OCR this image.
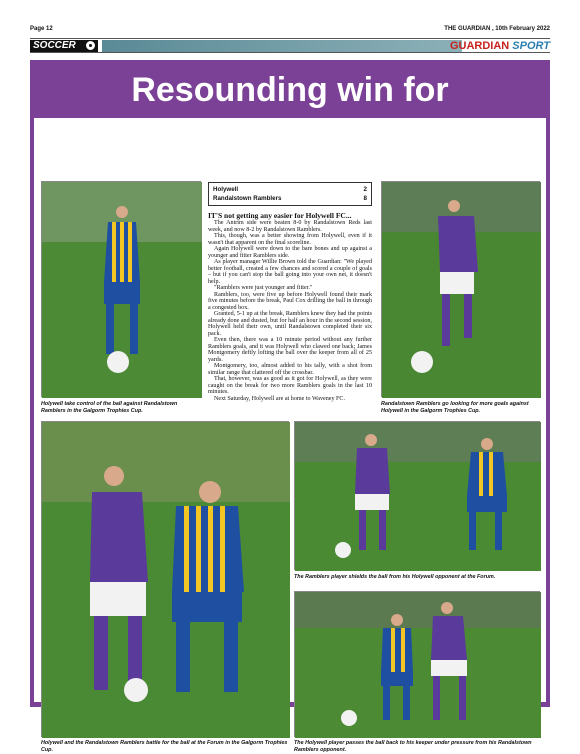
Page 12	THE GUARDIAN , 10th February 2022
SOCCER	GUARDIAN SPORT
Resounding win for
Holywell take control of the ball against Randalstown Ramblers in the Galgorm Trophies Cup.
Holywell	2
Randalstown Ramblers	8

IT'S not getting any easier for Holywell FC...

The Antrim side were beaten 8-0 by Randalstown Reds last week, and now 8-2 by Randalstown Ramblers.

This, though, was a better showing from Holywell, even if it wasn't that apparent on the final scoreline.

Again Holywell were down to the bare bones and up against a younger and fitter Ramblers side.

As player manager Willie Brown told the Guardian: "We played better football, created a few chances and scored a couple of goals – but if you can't stop the ball going into your own net, it doesn't help.

"Ramblers were just younger and fitter."

Ramblers, too, were five up before Holywell found their mark five minutes before the break, Paul Cox drilling the ball in through a congested box.

Granted, 5-1 up at the break, Ramblers knew they had the points already done and dusted, but for half an hour in the second session, Holywell held their own, until Randalstown completed their six pack.

Even then, there was a 10 minute period without any further Ramblers goals, and it was Holywell who clawed one back; James Montgomery deftly lofting the ball over the keeper from all of 25 yards.

Montgomery, too, almost added to his tally, with a shot from similar range that clattered off the crossbar.

That, however, was as good as it got for Holywell, as they were caught on the break for two more Ramblers goals in the last 10 minutes.

Next Saturday, Holywell are at home to Waveney FC.

Randalstown Ramblers go looking for more goals against Holywell in the Galgorm Trophies Cup.
Holywell and the Randalstown Ramblers battle for the ball at the Forum in the Galgorm Trophies Cup.
The Ramblers player shields the ball from his Holywell opponent at the Forum.
The Holywell player passes the ball back to his keeper under pressure from his Randalstown Ramblers opponent.
